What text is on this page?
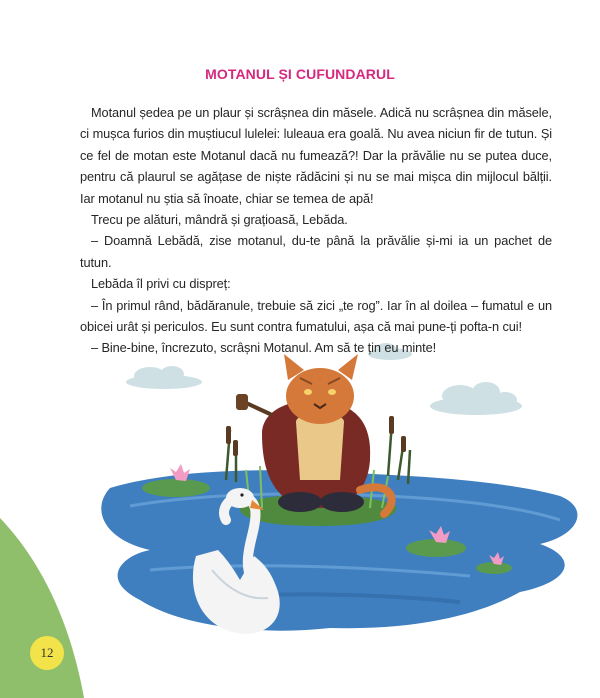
MOTANUL ȘI CUFUNDARUL

Motanul ședea pe un plaur și scrâșnea din măsele. Adică nu scrâșnea din măsele, ci mușca furios din muștiucul lulelei: luleaua era goală. Nu avea niciun fir de tutun. Și ce fel de motan este Motanul dacă nu fumează?! Dar la prăvălie nu se putea duce, pentru că plaurul se agățase de niște rădăcini și nu se mai mișca din mijlocul bălții. Iar motanul nu știa să înoate, chiar se temea de apă!

Trecu pe alături, mândră și grațioasă, Lebăda.

– Doamnă Lebădă, zise motanul, du-te până la prăvălie și-mi ia un pachet de tutun.

Lebăda îl privi cu dispreț:

– În primul rând, bădăranule, trebuie să zici „te rog”. Iar în al doilea – fumatul e un obicei urât și periculos. Eu sunt contra fumatului, așa că mai pune-ți pofta-n cui!

– Bine-bine, încrezuto, scrâșni Motanul. Am să te țin eu minte!

12
